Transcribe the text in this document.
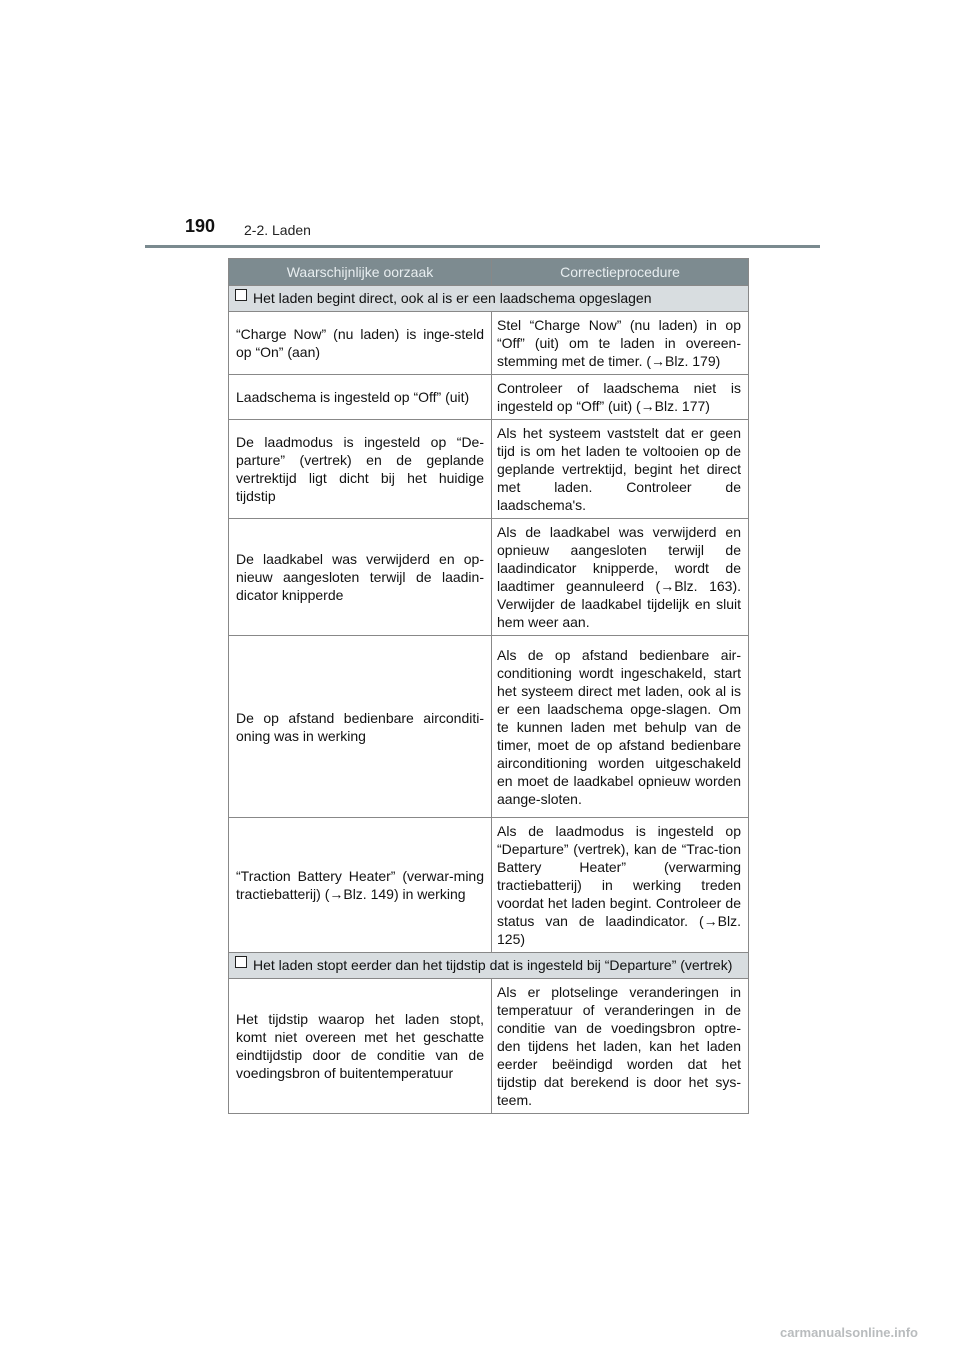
190 2-2. Laden
Waarschijnlijke oorzaak	Correctieprocedure

Het laden begint direct, ook al is er een laadschema opgeslagen	

“Charge Now” (nu laden) is inge-steld op “On” (aan)	Stel “Charge Now” (nu laden) in op “Off” (uit) om te laden in overeen-stemming met de timer. (→Blz. 179)
Laadschema is ingesteld op “Off” (uit)	Controleer of laadschema niet is ingesteld op “Off” (uit) (→Blz. 177)
De laadmodus is ingesteld op “De-parture” (vertrek) en de geplande vertrektijd ligt dicht bij het huidige tijdstip	Als het systeem vaststelt dat er geen tijd is om het laden te voltooien op de geplande vertrektijd, begint het direct met laden. Controleer de laadschema's.
De laadkabel was verwijderd en op-nieuw aangesloten terwijl de laadin-dicator knipperde	Als de laadkabel was verwijderd en opnieuw aangesloten terwijl de laadindicator knipperde, wordt de laadtimer geannuleerd (→Blz. 163). Verwijder de laadkabel tijdelijk en sluit hem weer aan.
De op afstand bedienbare airconditi-oning was in werking	Als de op afstand bedienbare air-conditioning wordt ingeschakeld, start het systeem direct met laden, ook al is er een laadschema opge-slagen. Om te kunnen laden met behulp van de timer, moet de op afstand bedienbare airconditioning worden uitgeschakeld en moet de laadkabel opnieuw worden aange-sloten.
“Traction Battery Heater” (verwar-ming tractiebatterij) (→Blz. 149) in werking	Als de laadmodus is ingesteld op “Departure” (vertrek), kan de “Trac-tion Battery Heater” (verwarming tractiebatterij) in werking treden voordat het laden begint. Controleer de status van de laadindicator. (→Blz. 125)

Het laden stopt eerder dan het tijdstip dat is ingesteld bij “Departure” (vertrek)	

Het tijdstip waarop het laden stopt, komt niet overeen met het geschatte eindtijdstip door de conditie van de voedingsbron of buitentemperatuur	Als er plotselinge veranderingen in temperatuur of veranderingen in de conditie van de voedingsbron optre-den tijdens het laden, kan het laden eerder beëindigd worden dat het tijdstip dat berekend is door het sys-teem.
carmanualsonline.info
